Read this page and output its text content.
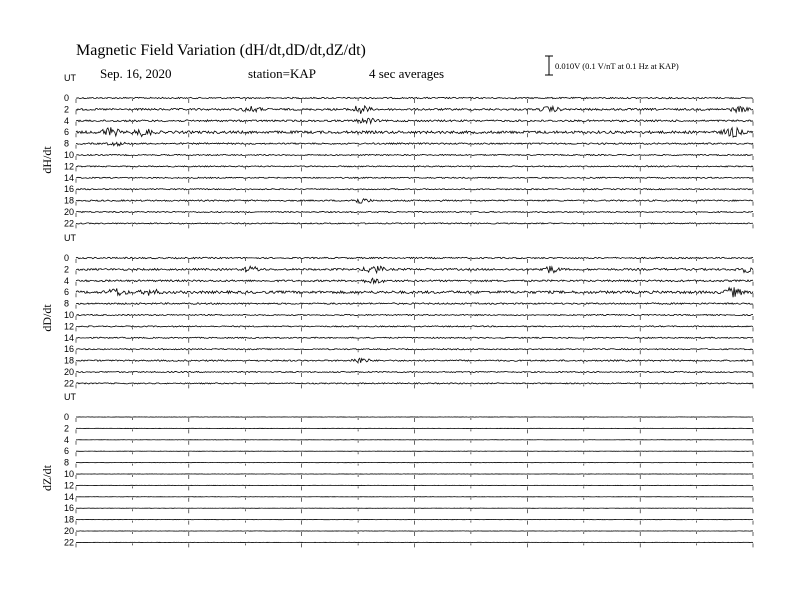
Magnetic Field Variation (dH/dt,dD/dt,dZ/dt)
Sep. 16, 2020	station=KAP	4 sec averages	0.010V (0.1 V/nT at 0.1 Hz at KAP)
UT
dH/dt
0
2
4
6
8
10
12
14
16
18
20
22
UT
dD/dt
0
2
4
6
8
10
12
14
16
18
20
22
UT
dZ/dt
0
2
4
6
8
10
12
14
16
18
20
22
